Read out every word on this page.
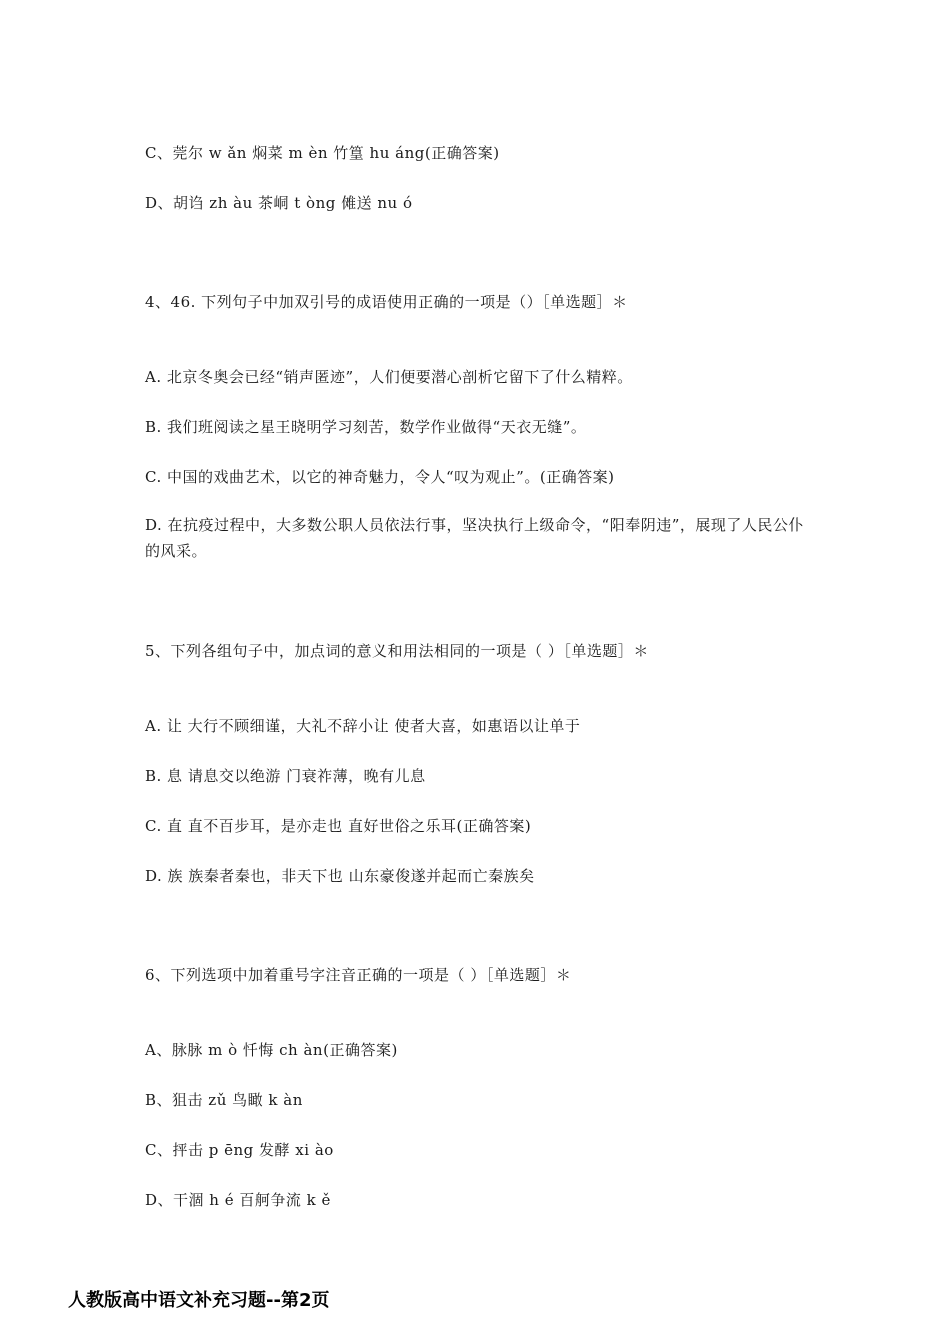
C、莞尔 w ǎn 焖菜 m èn 竹篁 hu áng(正确答案)
D、胡诌 zh àu 茶峒 t òng 傩送 nu ó
4、46. 下列句子中加双引号的成语使用正确的一项是（）［单选题］＊
A. 北京冬奥会已经“销声匿迹”，人们便要潜心剖析它留下了什么精粹。
B. 我们班阅读之星王晓明学习刻苦，数学作业做得“天衣无缝”。
C. 中国的戏曲艺术，以它的神奇魅力，令人“叹为观止”。(正确答案)
D. 在抗疫过程中，大多数公职人员依法行事，坚决执行上级命令，“阳奉阴违”，展现了人民公仆的风采。
5、下列各组句子中，加点词的意义和用法相同的一项是（ ）［单选题］＊
A. 让 大行不顾细谨，大礼不辞小让 使者大喜，如惠语以让单于
B. 息 请息交以绝游 门衰祚薄，晚有儿息
C. 直 直不百步耳，是亦走也 直好世俗之乐耳(正确答案)
D. 族 族秦者秦也，非天下也 山东豪俊遂并起而亡秦族矣
6、下列选项中加着重号字注音正确的一项是（ ）［单选题］＊
A、脉脉 m ò 忏悔 ch àn(正确答案)
B、狙击 zǔ 鸟瞰 k àn
C、抨击 p ēng 发酵 xi ào
D、干涸 h é 百舸争流 k ě
人教版高中语文补充习题--第2页
